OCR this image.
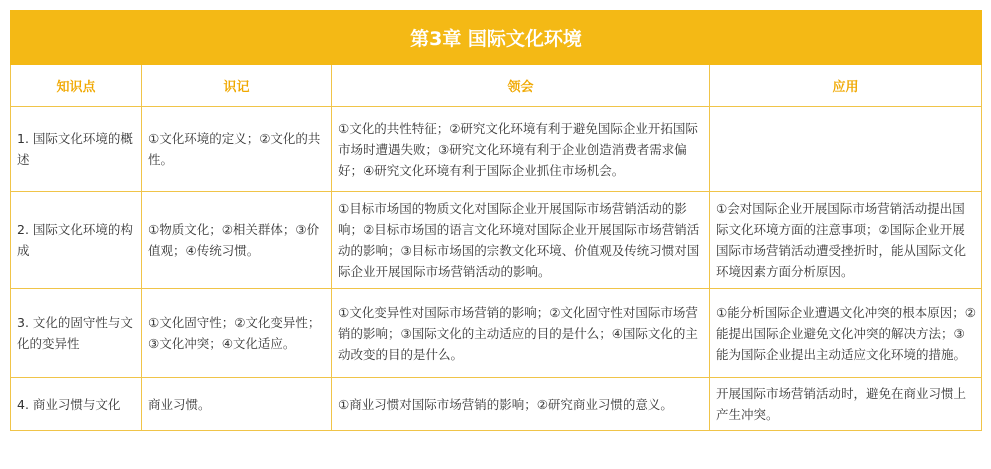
第3章 国际文化环境			
知识点	识记	领会	应用
1. 国际文化环境的概述	①文化环境的定义；②文化的共性。	①文化的共性特征；②研究文化环境有利于避免国际企业开拓国际市场时遭遇失败；③研究文化环境有利于企业创造消费者需求偏好；④研究文化环境有利于国际企业抓住市场机会。	
2. 国际文化环境的构成	①物质文化；②相关群体；③价值观；④传统习惯。	①目标市场国的物质文化对国际企业开展国际市场营销活动的影响；②目标市场国的语言文化环境对国际企业开展国际市场营销活动的影响；③目标市场国的宗教文化环境、价值观及传统习惯对国际企业开展国际市场营销活动的影响。	①会对国际企业开展国际市场营销活动提出国际文化环境方面的注意事项；②国际企业开展国际市场营销活动遭受挫折时，能从国际文化环境因素方面分析原因。
3. 文化的固守性与文化的变异性	①文化固守性；②文化变异性；③文化冲突；④文化适应。	①文化变异性对国际市场营销的影响；②文化固守性对国际市场营销的影响；③国际文化的主动适应的目的是什么；④国际文化的主动改变的目的是什么。	①能分析国际企业遭遇文化冲突的根本原因；②能提出国际企业避免文化冲突的解决方法；③能为国际企业提出主动适应文化环境的措施。
4. 商业习惯与文化	商业习惯。	①商业习惯对国际市场营销的影响；②研究商业习惯的意义。	开展国际市场营销活动时，避免在商业习惯上产生冲突。
